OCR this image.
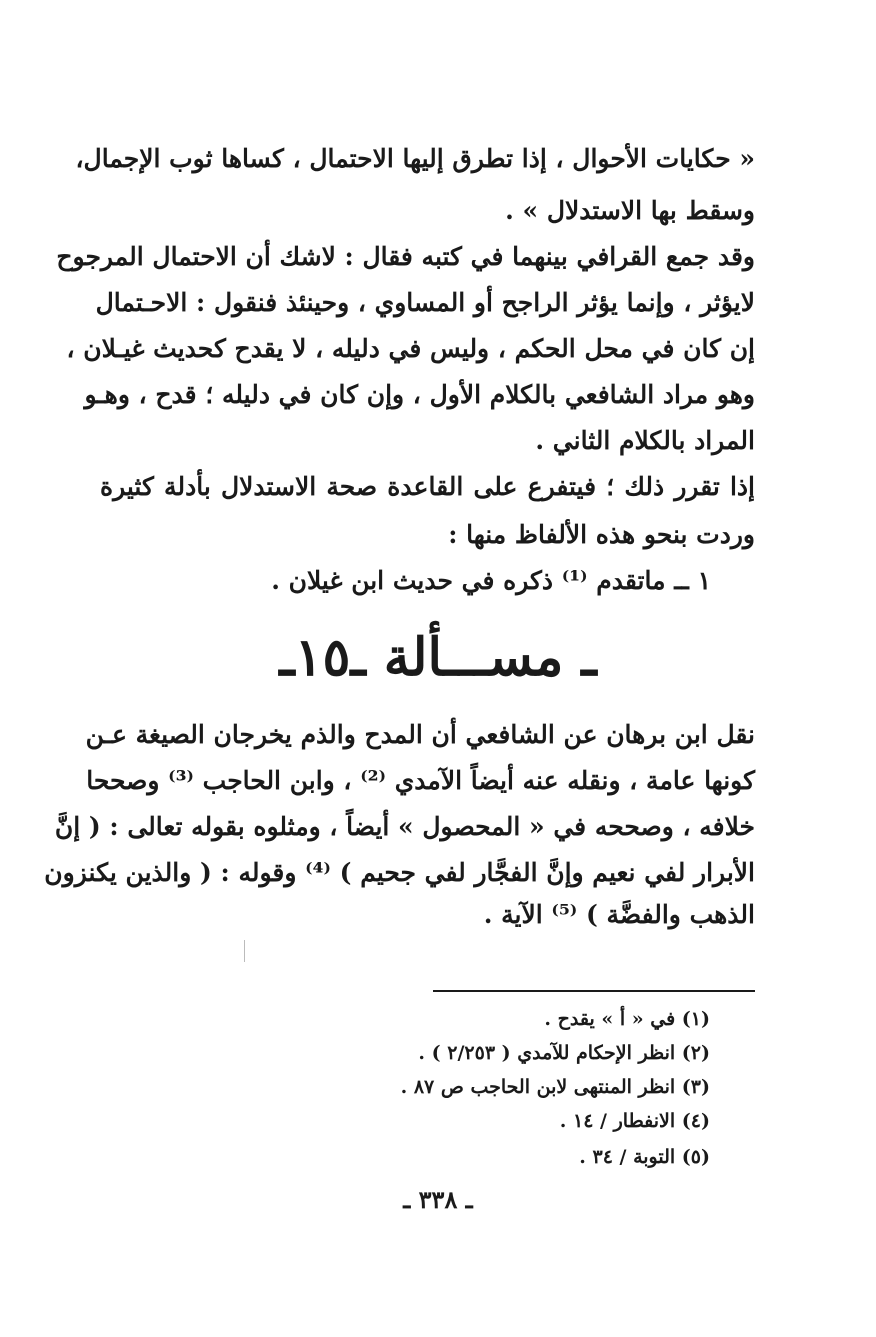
« حكايات الأحوال ، إذا تطرق إليها الاحتمال ، كساها ثوب الإجمال،
وسقط بها الاستدلال » .
وقد جمع القرافي بينهما في كتبه فقال : لاشك أن الاحتمال المرجوح
لايؤثر ، وإنما يؤثر الراجح أو المساوي ، وحينئذ فنقول : الاحـتمال
إن كان في محل الحكم ، وليس في دليله ، لا يقدح كحديث غيـلان ،
وهو مراد الشافعي بالكلام الأول ، وإن كان في دليله ؛ قدح ، وهـو
المراد بالكلام الثاني .
إذا تقرر ذلك ؛ فيتفرع على القاعدة صحة الاستدلال بأدلة كثيرة
وردت بنحو هذه الألفاظ منها :
١ ــ ماتقدم ⁽¹⁾ ذكره في حديث ابن غيلان .
ـ مســـألة ـ١٥ـ
نقل ابن برهان عن الشافعي أن المدح والذم يخرجان الصيغة عـن
كونها عامة ، ونقله عنه أيضاً الآمدي ⁽²⁾ ، وابن الحاجب ⁽³⁾ وصححا
خلافه ، وصححه في « المحصول » أيضاً ، ومثلوه بقوله تعالى : ( إنَّ
الأبرار لفي نعيم وإنَّ الفجَّار لفي جحيم ) ⁽⁴⁾ وقوله : ( والذين يكنزون
الذهب والفضَّة ) ⁽⁵⁾ الآية .
(١) في « أ » يقدح .
(٢) انظر الإحكام للآمدي ( ٢/٢٥٣ ) .
(٣) انظر المنتهى لابن الحاجب ص ٨٧ .
(٤) الانفطار / ١٤ .
(٥) التوبة / ٣٤ .
ـ ٣٣٨ ـ
